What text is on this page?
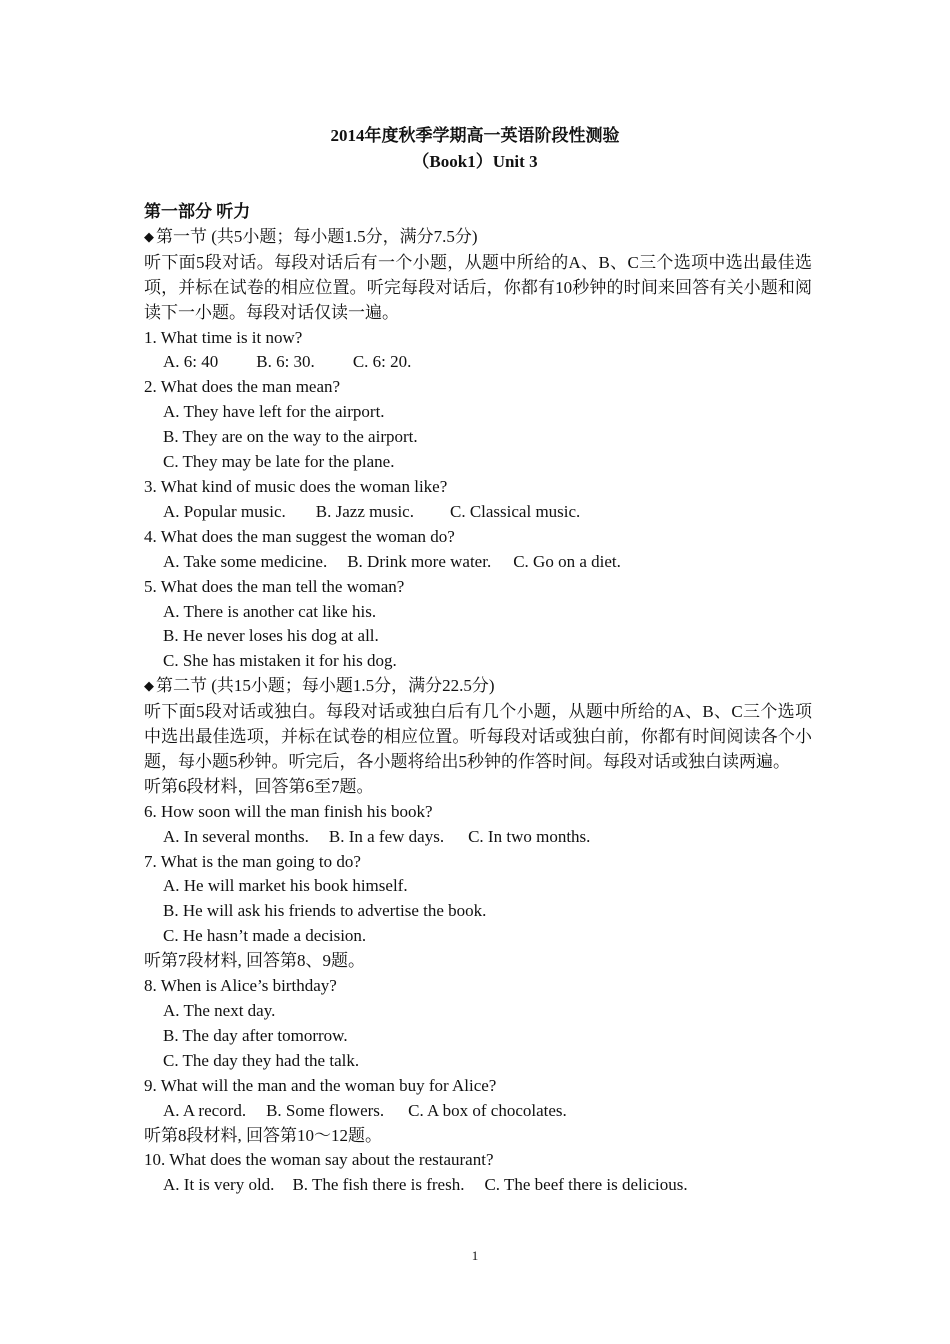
2014年度秋季学期高一英语阶段性测验
（Book1）Unit 3
第一部分 听力
◆ 第一节 (共5小题；每小题1.5分，满分7.5分)
听下面5段对话。每段对话后有一个小题，从题中所给的A、B、C三个选项中选出最佳选项，并标在试卷的相应位置。听完每段对话后，你都有10秒钟的时间来回答有关小题和阅读下一小题。每段对话仅读一遍。
1. What time is it now?
A. 6: 40 B. 6: 30. C. 6: 20.
2. What does the man mean?
A. They have left for the airport.
B. They are on the way to the airport.
C. They may be late for the plane.
3. What kind of music does the woman like?
A. Popular music. B. Jazz music. C. Classical music.
4. What does the man suggest the woman do?
A. Take some medicine. B. Drink more water. C. Go on a diet.
5. What does the man tell the woman?
A. There is another cat like his.
B. He never loses his dog at all.
C. She has mistaken it for his dog.
◆ 第二节 (共15小题；每小题1.5分，满分22.5分)
听下面5段对话或独白。每段对话或独白后有几个小题，从题中所给的A、B、C三个选项中选出最佳选项，并标在试卷的相应位置。听每段对话或独白前，你都有时间阅读各个小题，每小题5秒钟。听完后，各小题将给出5秒钟的作答时间。每段对话或独白读两遍。
听第6段材料，回答第6至7题。
6. How soon will the man finish his book?
A. In several months. B. In a few days. C. In two months.
7. What is the man going to do?
A. He will market his book himself.
B. He will ask his friends to advertise the book.
C. He hasn’t made a decision.
听第7段材料, 回答第8、9题。
8. When is Alice’s birthday?
A. The next day.
B. The day after tomorrow.
C. The day they had the talk.
9. What will the man and the woman buy for Alice?
A. A record. B. Some flowers. C. A box of chocolates.
听第8段材料, 回答第10～12题。
10. What does the woman say about the restaurant?
A. It is very old. B. The fish there is fresh. C. The beef there is delicious.
1
